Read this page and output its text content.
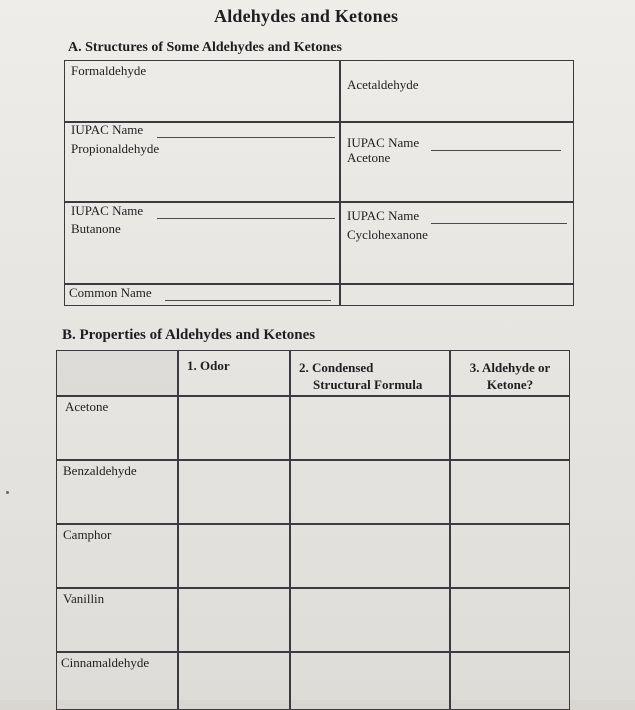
Aldehydes and Ketones
A. Structures of Some Aldehydes and Ketones
Formaldehyde
Acetaldehyde
IUPAC Name
Propionaldehyde	IUPAC Name
Acetone
IUPAC Name
Butanone
IUPAC Name
Cyclohexanone
Common Name
B. Properties of Aldehydes and Ketones
1. Odor	2. Condensed
Structural Formula
3. Aldehyde or
Ketone?
Acetone
Benzaldehyde
Camphor
Vanillin
Cinnamaldehyde
